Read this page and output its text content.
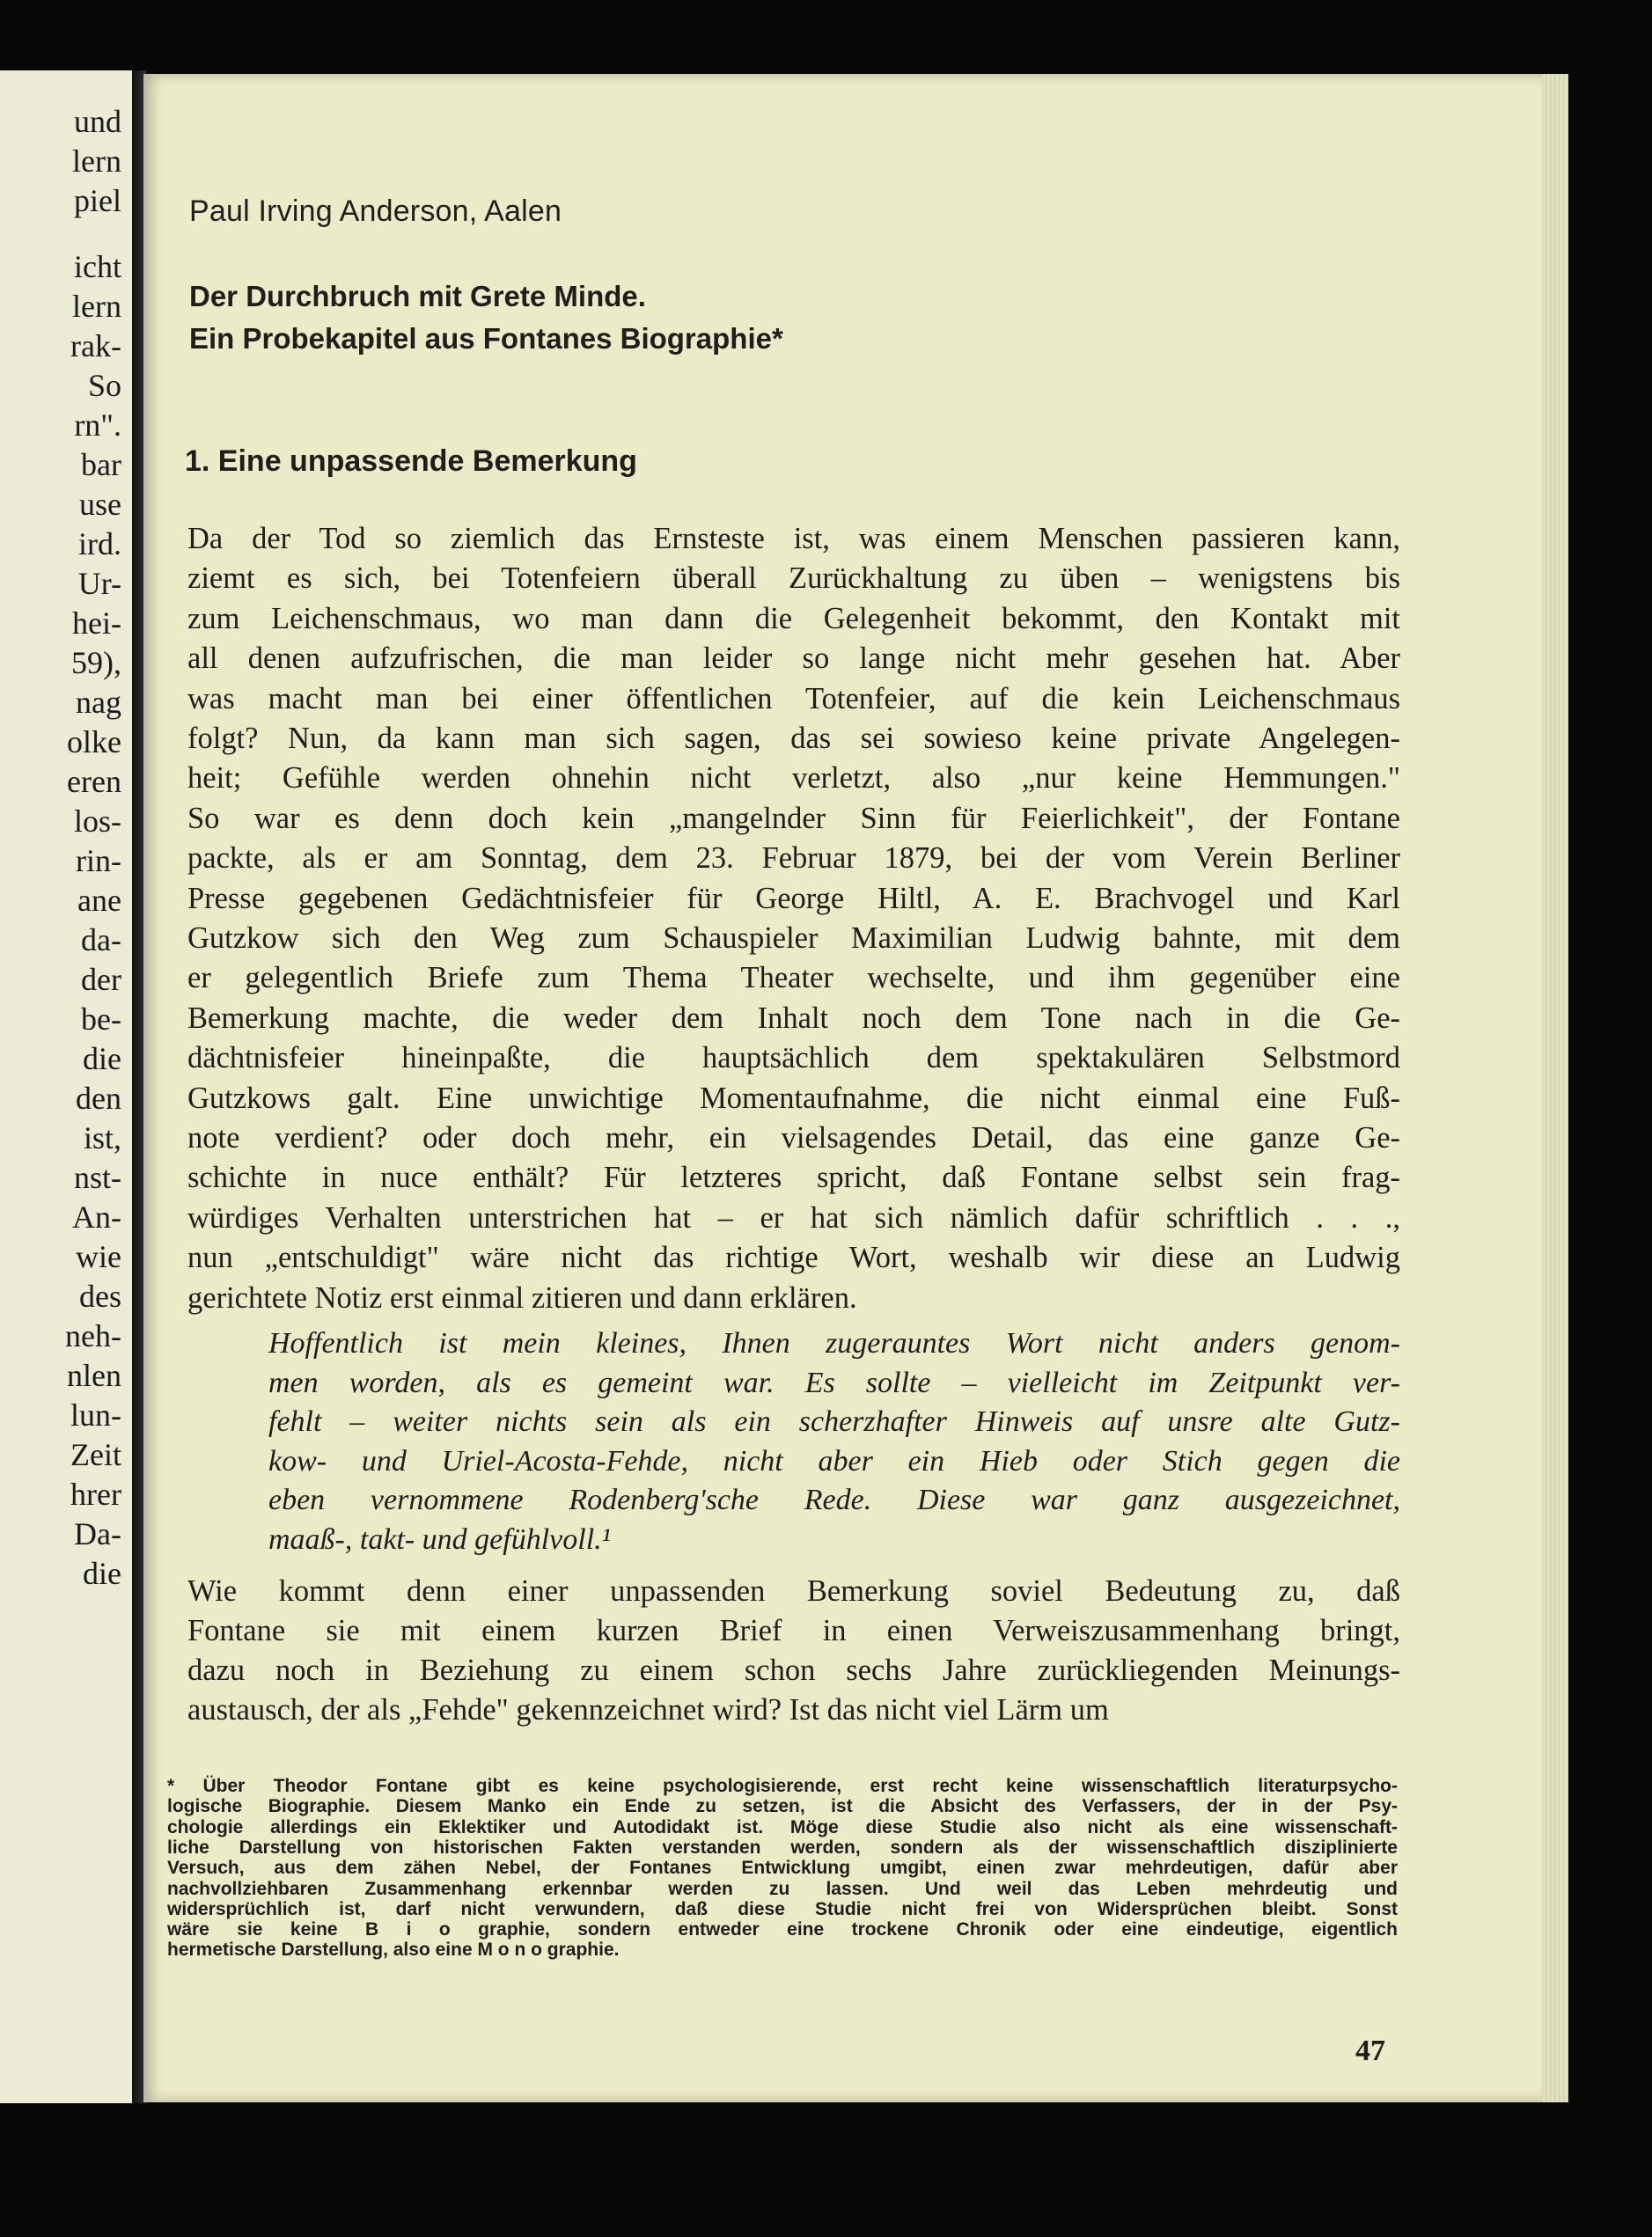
und
lern
piel
icht
lern
rak-
So
rn".
bar
use
ird.
Ur-
hei-
59),
nag
olke
eren
los-
rin-
ane
da-
der
be-
die
den
ist,
nst-
An-
wie
des
neh-
nlen
lun-
Zeit
hrer
Da-
die

Paul Irving Anderson, Aalen

Der Durchbruch mit Grete Minde.

Ein Probekapitel aus Fontanes Biographie*

1. Eine unpassende Bemerkung

Da der Tod so ziemlich das Ernsteste ist, was einem Menschen passieren kann,

ziemt es sich, bei Totenfeiern überall Zurückhaltung zu üben – wenigstens bis

zum Leichenschmaus, wo man dann die Gelegenheit bekommt, den Kontakt mit

all denen aufzufrischen, die man leider so lange nicht mehr gesehen hat. Aber

was macht man bei einer öffentlichen Totenfeier, auf die kein Leichenschmaus

folgt? Nun, da kann man sich sagen, das sei sowieso keine private Angelegen-

heit; Gefühle werden ohnehin nicht verletzt, also „nur keine Hemmungen."

So war es denn doch kein „mangelnder Sinn für Feierlichkeit", der Fontane

packte, als er am Sonntag, dem 23. Februar 1879, bei der vom Verein Berliner

Presse gegebenen Gedächtnisfeier für George Hiltl, A. E. Brachvogel und Karl

Gutzkow sich den Weg zum Schauspieler Maximilian Ludwig bahnte, mit dem

er gelegentlich Briefe zum Thema Theater wechselte, und ihm gegenüber eine

Bemerkung machte, die weder dem Inhalt noch dem Tone nach in die Ge-

dächtnisfeier hineinpaßte, die hauptsächlich dem spektakulären Selbstmord

Gutzkows galt. Eine unwichtige Momentaufnahme, die nicht einmal eine Fuß-

note verdient? oder doch mehr, ein vielsagendes Detail, das eine ganze Ge-

schichte in nuce enthält? Für letzteres spricht, daß Fontane selbst sein frag-

würdiges Verhalten unterstrichen hat – er hat sich nämlich dafür schriftlich . . .,

nun „entschuldigt" wäre nicht das richtige Wort, weshalb wir diese an Ludwig

gerichtete Notiz erst einmal zitieren und dann erklären.

Hoffentlich ist mein kleines, Ihnen zugerauntes Wort nicht anders genom-

men worden, als es gemeint war. Es sollte – vielleicht im Zeitpunkt ver-

fehlt – weiter nichts sein als ein scherzhafter Hinweis auf unsre alte Gutz-

kow- und Uriel-Acosta-Fehde, nicht aber ein Hieb oder Stich gegen die

eben vernommene Rodenberg'sche Rede. Diese war ganz ausgezeichnet,

maaß-, takt- und gefühlvoll.¹

Wie kommt denn einer unpassenden Bemerkung soviel Bedeutung zu, daß

Fontane sie mit einem kurzen Brief in einen Verweiszusammenhang bringt,

dazu noch in Beziehung zu einem schon sechs Jahre zurückliegenden Meinungs-

austausch, der als „Fehde" gekennzeichnet wird? Ist das nicht viel Lärm um

* Über Theodor Fontane gibt es keine psychologisierende, erst recht keine wissenschaftlich literaturpsycho-

logische Biographie. Diesem Manko ein Ende zu setzen, ist die Absicht des Verfassers, der in der Psy-

chologie allerdings ein Eklektiker und Autodidakt ist. Möge diese Studie also nicht als eine wissenschaft-

liche Darstellung von historischen Fakten verstanden werden, sondern als der wissenschaftlich disziplinierte

Versuch, aus dem zähen Nebel, der Fontanes Entwicklung umgibt, einen zwar mehrdeutigen, dafür aber

nachvollziehbaren Zusammenhang erkennbar werden zu lassen. Und weil das Leben mehrdeutig und

widersprüchlich ist, darf nicht verwundern, daß diese Studie nicht frei von Widersprüchen bleibt. Sonst

wäre sie keine B i o graphie, sondern entweder eine trockene Chronik oder eine eindeutige, eigentlich

hermetische Darstellung, also eine M o n o graphie.

47
